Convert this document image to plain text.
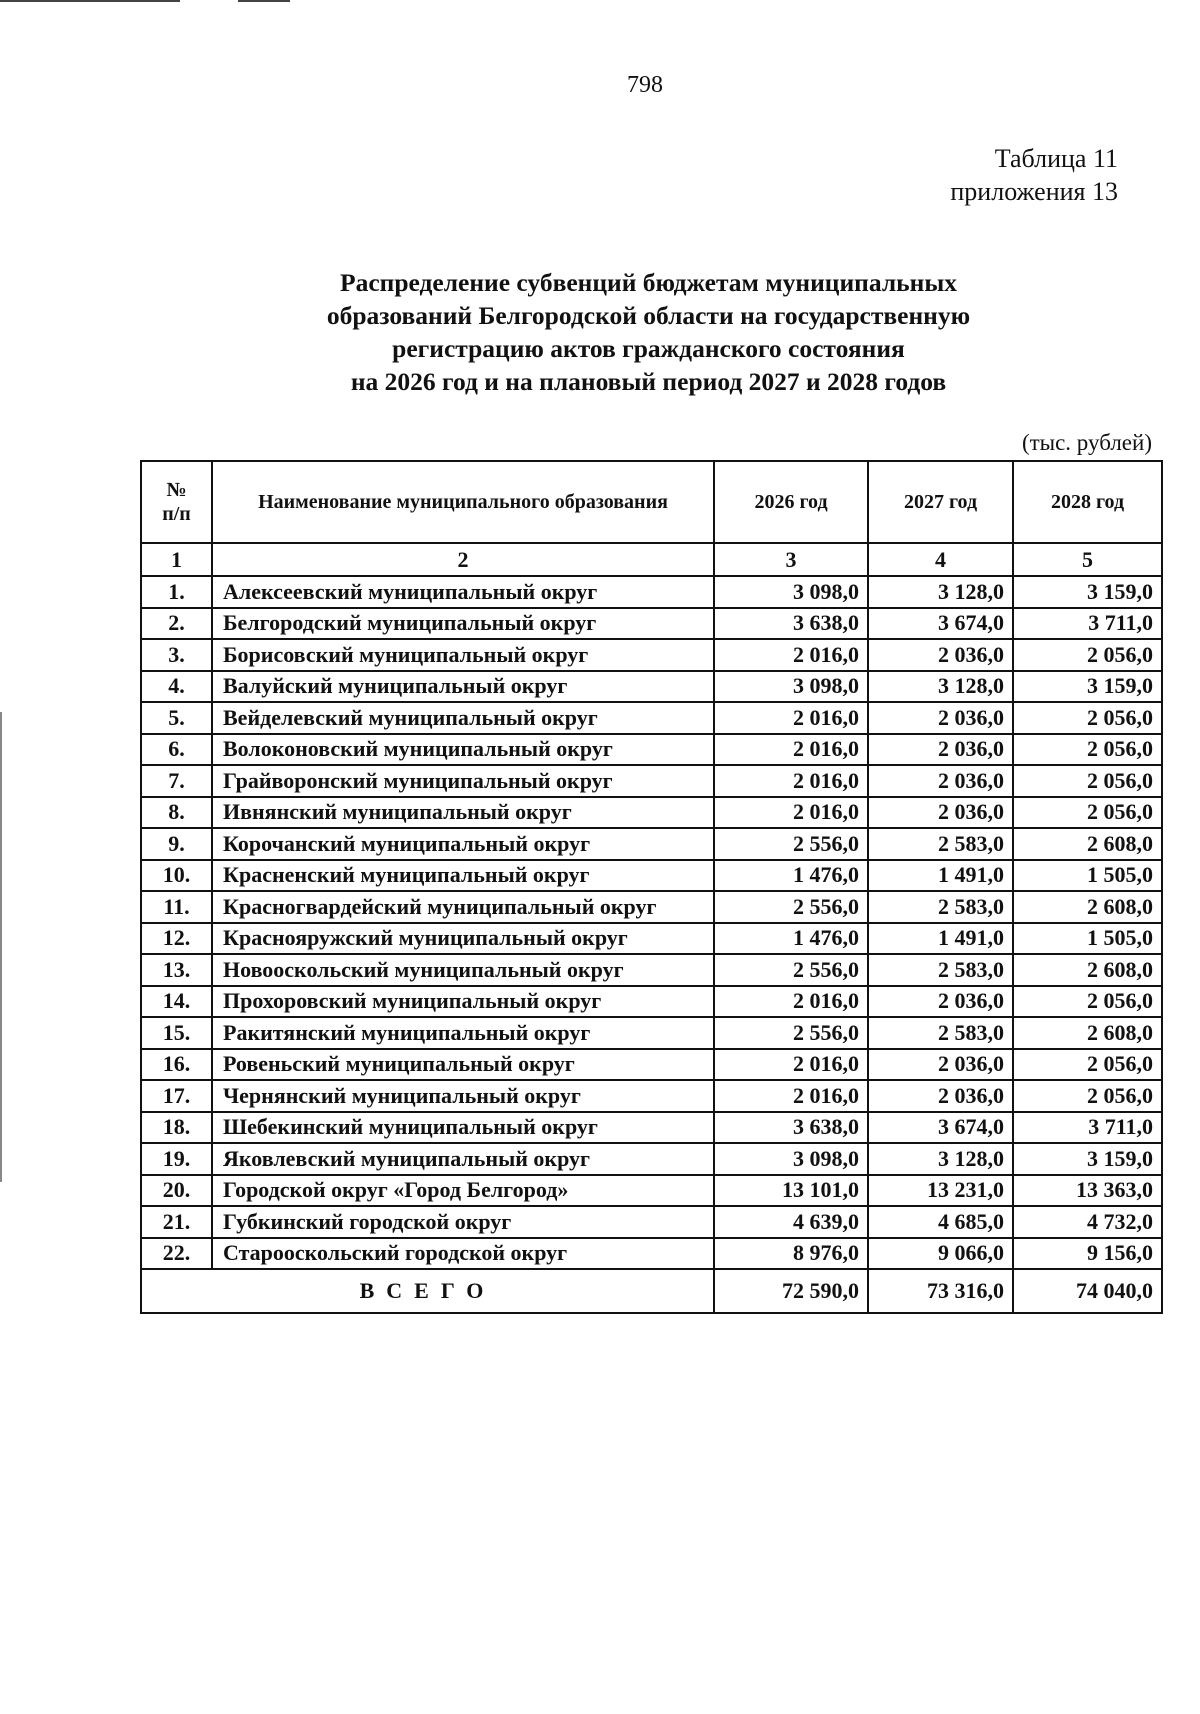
798
Таблица 11
приложения 13
Распределение субвенций бюджетам муниципальных
образований Белгородской области на государственную
регистрацию актов гражданского состояния
на 2026 год и на плановый период 2027 и 2028 годов
(тыс. рублей)
№
п/п	Наименование муниципального образования	2026 год	2027 год	2028 год
1	2	3	4	5
1.	Алексеевский муниципальный округ	3 098,0	3 128,0	3 159,0
2.	Белгородский муниципальный округ	3 638,0	3 674,0	3 711,0
3.	Борисовский муниципальный округ	2 016,0	2 036,0	2 056,0
4.	Валуйский муниципальный округ	3 098,0	3 128,0	3 159,0
5.	Вейделевский муниципальный округ	2 016,0	2 036,0	2 056,0
6.	Волоконовский муниципальный округ	2 016,0	2 036,0	2 056,0
7.	Грайворонский муниципальный округ	2 016,0	2 036,0	2 056,0
8.	Ивнянский муниципальный округ	2 016,0	2 036,0	2 056,0
9.	Корочанский муниципальный округ	2 556,0	2 583,0	2 608,0
10.	Красненский муниципальный округ	1 476,0	1 491,0	1 505,0
11.	Красногвардейский муниципальный округ	2 556,0	2 583,0	2 608,0
12.	Краснояружский муниципальный округ	1 476,0	1 491,0	1 505,0
13.	Новооскольский муниципальный округ	2 556,0	2 583,0	2 608,0
14.	Прохоровский муниципальный округ	2 016,0	2 036,0	2 056,0
15.	Ракитянский муниципальный округ	2 556,0	2 583,0	2 608,0
16.	Ровеньский муниципальный округ	2 016,0	2 036,0	2 056,0
17.	Чернянский муниципальный округ	2 016,0	2 036,0	2 056,0
18.	Шебекинский муниципальный округ	3 638,0	3 674,0	3 711,0
19.	Яковлевский муниципальный округ	3 098,0	3 128,0	3 159,0
20.	Городской округ «Город Белгород»	13 101,0	13 231,0	13 363,0
21.	Губкинский городской округ	4 639,0	4 685,0	4 732,0
22.	Старооскольский городской округ	8 976,0	9 066,0	9 156,0
ВСЕГО		72 590,0	73 316,0	74 040,0
